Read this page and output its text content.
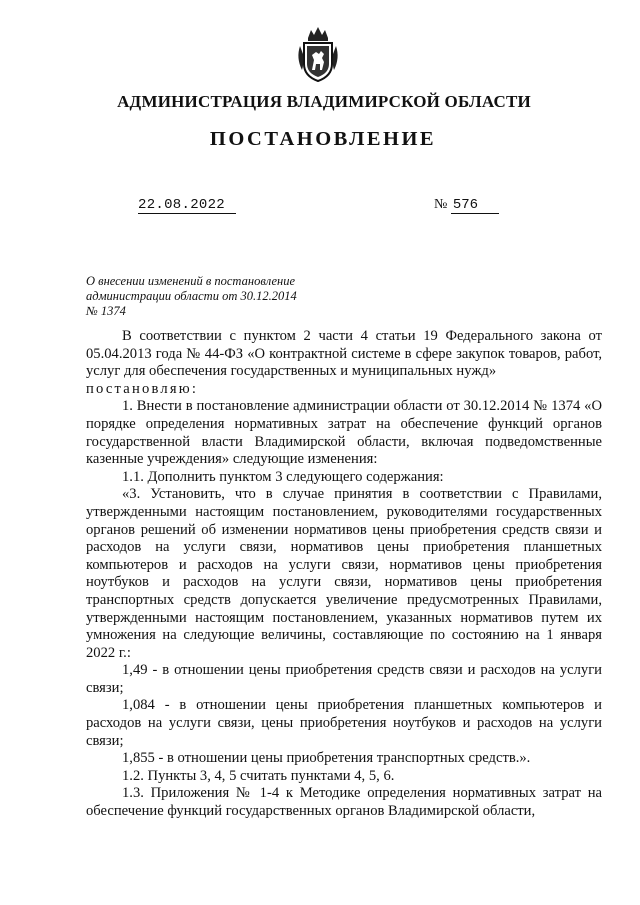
АДМИНИСТРАЦИЯ ВЛАДИМИРСКОЙ ОБЛАСТИ
ПОСТАНОВЛЕНИЕ
22.08.2022	№ 576
О внесении изменений в постановление
администрации области от 30.12.2014
№ 1374

В соответствии с пунктом 2 части 4 статьи 19 Федерального закона от 05.04.2013 года № 44-ФЗ «О контрактной системе в сфере закупок товаров, работ, услуг для обеспечения государственных и муниципальных нужд»

постановляю:

1. Внести в постановление администрации области от 30.12.2014 № 1374 «О порядке определения нормативных затрат на обеспечение функций органов государственной власти Владимирской области, включая подведомственные казенные учреждения» следующие изменения:

1.1. Дополнить пунктом 3 следующего содержания:

«3. Установить, что в случае принятия в соответствии с Правилами, утвержденными настоящим постановлением, руководителями государственных органов решений об изменении нормативов цены приобретения средств связи и расходов на услуги связи, нормативов цены приобретения планшетных компьютеров и расходов на услуги связи, нормативов цены приобретения ноутбуков и расходов на услуги связи, нормативов цены приобретения транспортных средств допускается увеличение предусмотренных Правилами, утвержденными настоящим постановлением, указанных нормативов путем их умножения на следующие величины, составляющие по состоянию на 1 января 2022 г.:

1,49 - в отношении цены приобретения средств связи и расходов на услуги связи;

1,084 - в отношении цены приобретения планшетных компьютеров и расходов на услуги связи, цены приобретения ноутбуков и расходов на услуги связи;

1,855 - в отношении цены приобретения транспортных средств.».

1.2. Пункты 3, 4, 5 считать пунктами 4, 5, 6.

1.3. Приложения № 1-4 к Методике определения нормативных затрат на обеспечение функций государственных органов Владимирской области,
